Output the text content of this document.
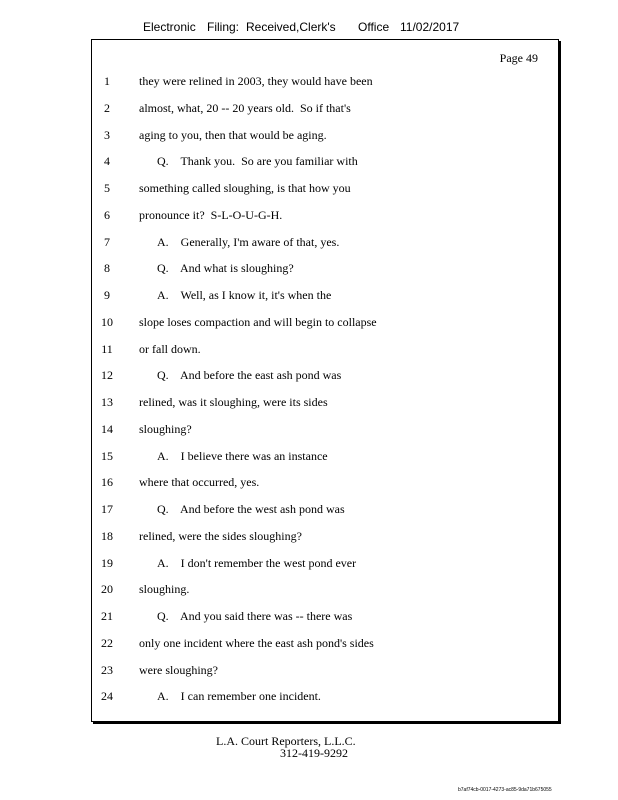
Electronic Filing: Received,Clerk's Office 11/02/2017
Page 49
1	they were relined in 2003, they would have been
2	almost, what, 20 -- 20 years old.  So if that's
3	aging to you, then that would be aging.
4	Q.    Thank you.  So are you familiar with
5	something called sloughing, is that how you
6	pronounce it?  S-L-O-U-G-H.
7	A.    Generally, I'm aware of that, yes.
8	Q.    And what is sloughing?
9	A.    Well, as I know it, it's when the
10 slope loses compaction and will begin to collapse
11 or fall down.
12	Q.    And before the east ash pond was
13 relined, was it sloughing, were its sides
14 sloughing?
15	A.    I believe there was an instance
16 where that occurred, yes.
17	Q.    And before the west ash pond was
18 relined, were the sides sloughing?
19	A.    I don't remember the west pond ever
20 sloughing.
21	Q.    And you said there was -- there was
22 only one incident where the east ash pond's sides
23 were sloughing?
24	A.    I can remember one incident.
L.A. Court Reporters, L.L.C.
312-419-9292
b7af74cb-0017-4273-ac85-9da71b675055
